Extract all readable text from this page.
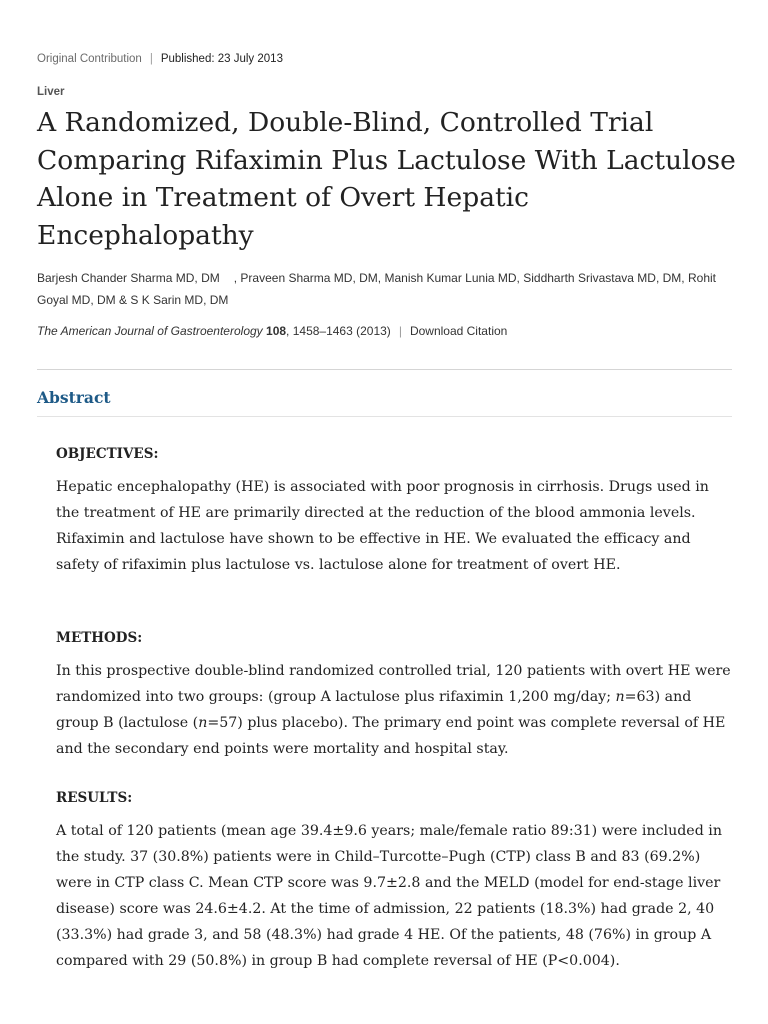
Original Contribution | Published: 23 July 2013
Liver
A Randomized, Double-Blind, Controlled Trial Comparing Rifaximin Plus Lactulose With Lactulose Alone in Treatment of Overt Hepatic Encephalopathy
Barjesh Chander Sharma MD, DM , Praveen Sharma MD, DM, Manish Kumar Lunia MD, Siddharth Srivastava MD, DM, Rohit Goyal MD, DM & S K Sarin MD, DM
The American Journal of Gastroenterology 108, 1458–1463 (2013) | Download Citation
Abstract
OBJECTIVES:

Hepatic encephalopathy (HE) is associated with poor prognosis in cirrhosis. Drugs used in the treatment of HE are primarily directed at the reduction of the blood ammonia levels. Rifaximin and lactulose have shown to be effective in HE. We evaluated the efficacy and safety of rifaximin plus lactulose vs. lactulose alone for treatment of overt HE.

METHODS:

In this prospective double-blind randomized controlled trial, 120 patients with overt HE were randomized into two groups: (group A lactulose plus rifaximin 1,200 mg/day; n=63) and group B (lactulose (n=57) plus placebo). The primary end point was complete reversal of HE and the secondary end points were mortality and hospital stay.

RESULTS:

A total of 120 patients (mean age 39.4±9.6 years; male/female ratio 89:31) were included in the study. 37 (30.8%) patients were in Child–Turcotte–Pugh (CTP) class B and 83 (69.2%) were in CTP class C. Mean CTP score was 9.7±2.8 and the MELD (model for end-stage liver disease) score was 24.6±4.2. At the time of admission, 22 patients (18.3%) had grade 2, 40 (33.3%) had grade 3, and 58 (48.3%) had grade 4 HE. Of the patients, 48 (76%) in group A compared with 29 (50.8%) in group B had complete reversal of HE (P<0.004).
